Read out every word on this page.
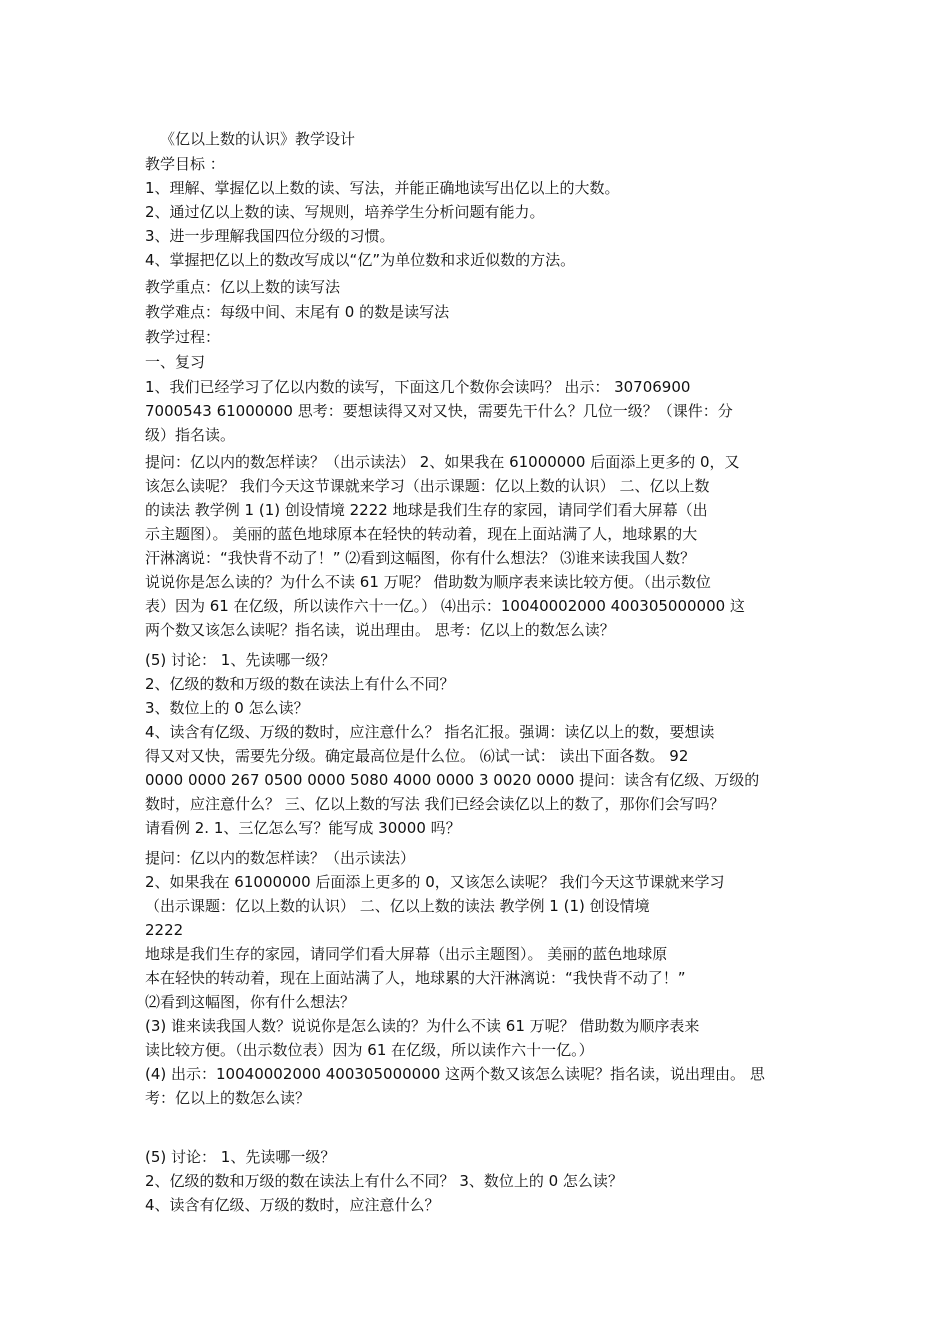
《亿以上数的认识》教学设计
教学目标 ：
1、理解、掌握亿以上数的读、写法，并能正确地读写出亿以上的大数。
2、通过亿以上数的读、写规则，培养学生分析问题有能力。
3、进一步理解我国四位分级的习惯。
4、掌握把亿以上的数改写成以“亿”为单位数和求近似数的方法。
教学重点：亿以上数的读写法
教学难点：每级中间、末尾有 0 的数是读写法
教学过程：
一、复习
1、我们已经学习了亿以内数的读写，下面这几个数你会读吗？ 出示： 30706900
7000543 61000000 思考：要想读得又对又快，需要先干什么？几位一级？（课件：分
级）指名读。
提问：亿以内的数怎样读？（出示读法） 2、如果我在 61000000 后面添上更多的 0，又
该怎么读呢？ 我们今天这节课就来学习（出示课题：亿以上数的认识） 二、亿以上数
的读法 教学例 1 (1) 创设情境 2222 地球是我们生存的家园，请同学们看大屏幕（出
示主题图）。 美丽的蓝色地球原本在轻快的转动着，现在上面站满了人，地球累的大
汗淋漓说：“我快背不动了！” ⑵看到这幅图，你有什么想法？ ⑶谁来读我国人数？
说说你是怎么读的？为什么不读 61 万呢？ 借助数为顺序表来读比较方便。（出示数位
表）因为 61 在亿级，所以读作六十一亿。） ⑷出示：10040002000 400305000000 这
两个数又该怎么读呢？指名读，说出理由。 思考：亿以上的数怎么读？
(5) 讨论： 1、先读哪一级？
2、亿级的数和万级的数在读法上有什么不同？
3、数位上的 0 怎么读？
4、读含有亿级、万级的数时，应注意什么？ 指名汇报。强调：读亿以上的数，要想读
得又对又快，需要先分级。确定最高位是什么位。 ⑹试一试： 读出下面各数。 92
0000 0000 267 0500 0000 5080 4000 0000 3 0020 0000 提问：读含有亿级、万级的
数时，应注意什么？ 三、亿以上数的写法 我们已经会读亿以上的数了，那你们会写吗？
请看例 2. 1、三亿怎么写？能写成 30000 吗？
提问：亿以内的数怎样读？（出示读法）
2、如果我在 61000000 后面添上更多的 0，又该怎么读呢？ 我们今天这节课就来学习
（出示课题：亿以上数的认识） 二、亿以上数的读法 教学例 1 (1) 创设情境
2222
地球是我们生存的家园，请同学们看大屏幕（出示主题图）。 美丽的蓝色地球原
本在轻快的转动着，现在上面站满了人，地球累的大汗淋漓说：“我快背不动了！”
⑵看到这幅图，你有什么想法？
(3) 谁来读我国人数？说说你是怎么读的？为什么不读 61 万呢？ 借助数为顺序表来
读比较方便。（出示数位表）因为 61 在亿级，所以读作六十一亿。）
(4) 出示：10040002000 400305000000 这两个数又该怎么读呢？指名读，说出理由。 思
考：亿以上的数怎么读？
(5) 讨论： 1、先读哪一级？
2、亿级的数和万级的数在读法上有什么不同？ 3、数位上的 0 怎么读？
4、读含有亿级、万级的数时，应注意什么？
